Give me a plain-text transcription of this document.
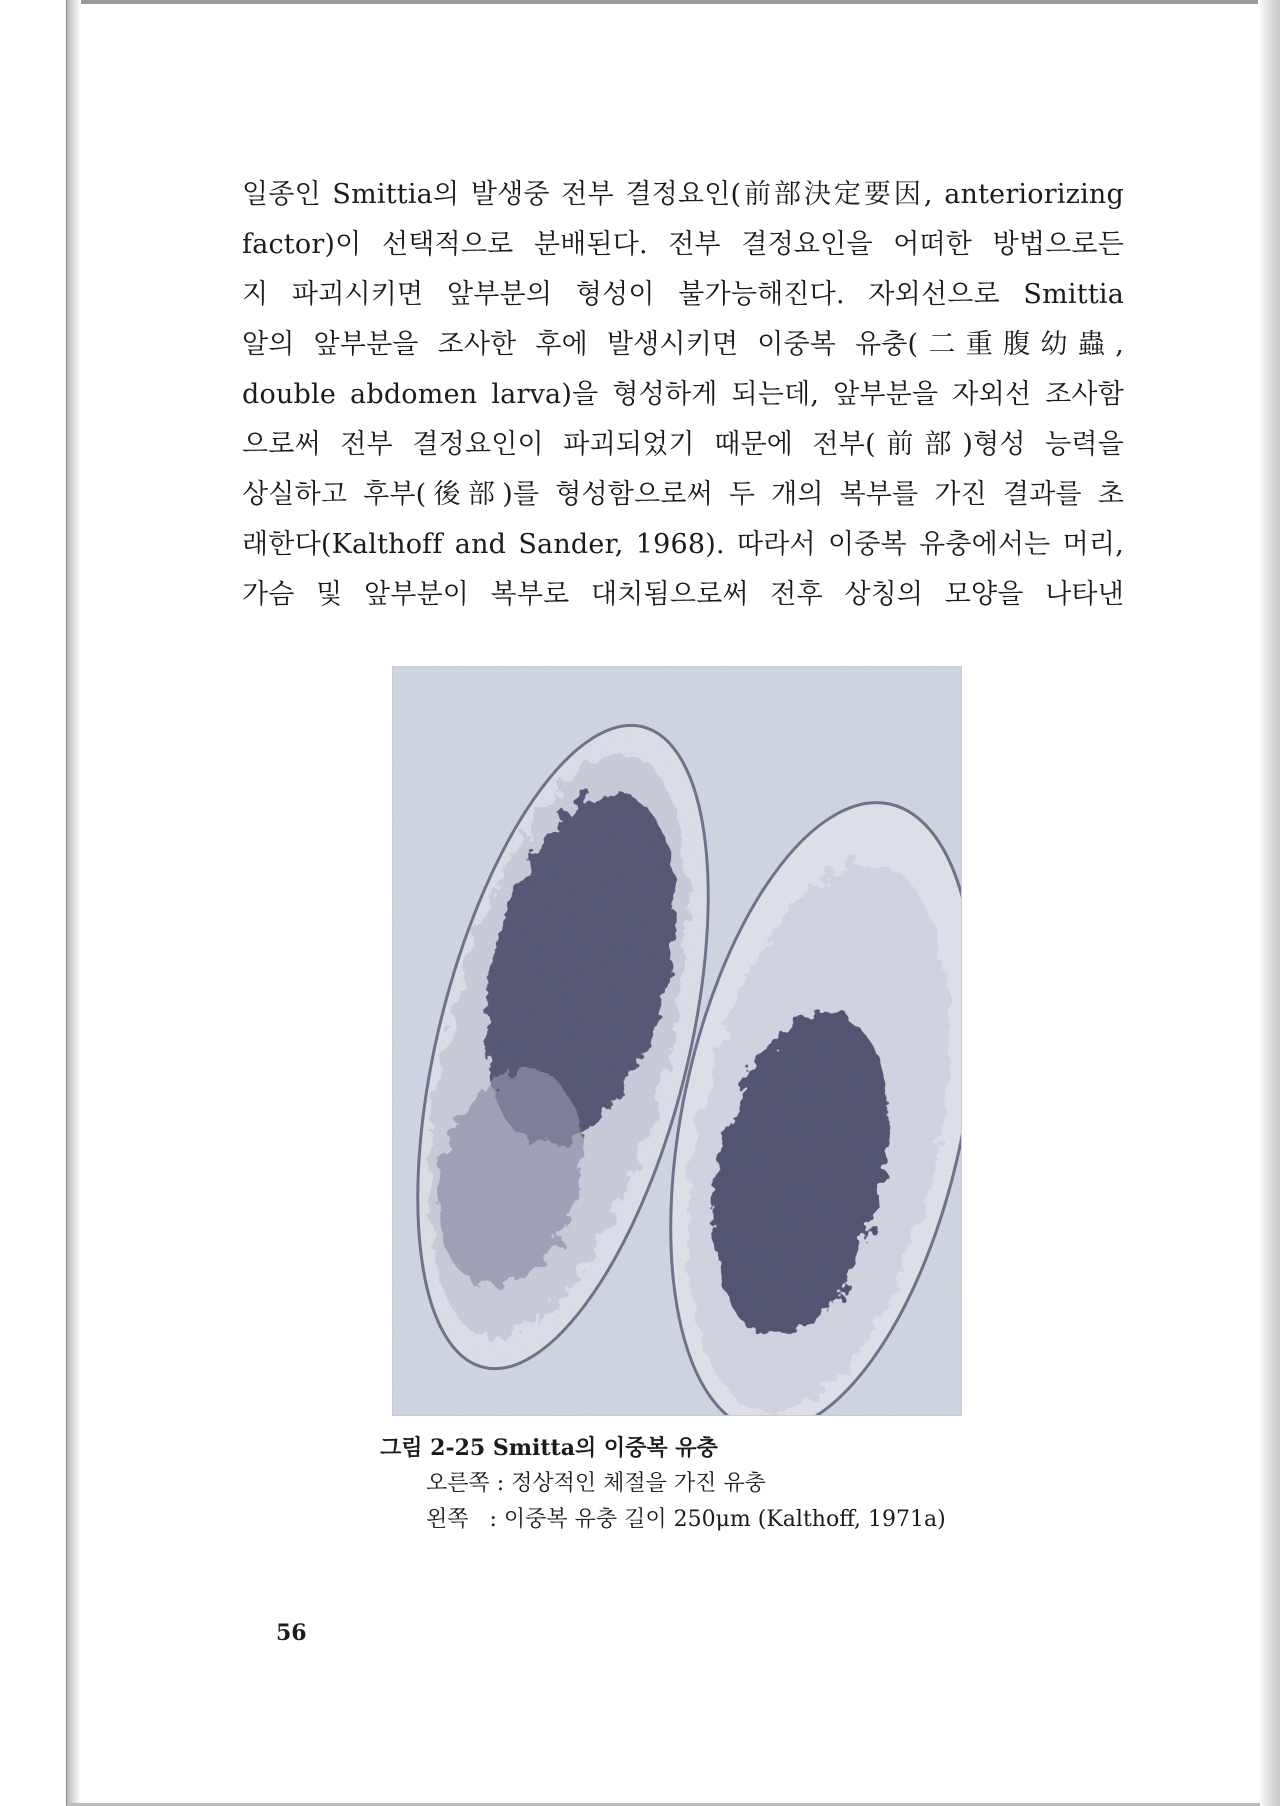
일종인 Smittia의 발생중 전부 결정요인(前部決定要因, anteriorizing
factor)이 선택적으로 분배된다. 전부 결정요인을 어떠한 방법으로든
지 파괴시키면 앞부분의 형성이 불가능해진다. 자외선으로 Smittia
알의 앞부분을 조사한 후에 발생시키면 이중복 유충(二重腹幼蟲,
double abdomen larva)을 형성하게 되는데, 앞부분을 자외선 조사함
으로써 전부 결정요인이 파괴되었기 때문에 전부(前部)형성 능력을
상실하고 후부(後部)를 형성함으로써 두 개의 복부를 가진 결과를 초
래한다(Kalthoff and Sander, 1968). 따라서 이중복 유충에서는 머리,
가슴 및 앞부분이 복부로 대치됨으로써 전후 상칭의 모양을 나타낸
그림 2-25 Smitta의 이중복 유충
오른쪽 : 정상적인 체절을 가진 유충
왼쪽   : 이중복 유충 길이 250μm (Kalthoff, 1971a)
56
